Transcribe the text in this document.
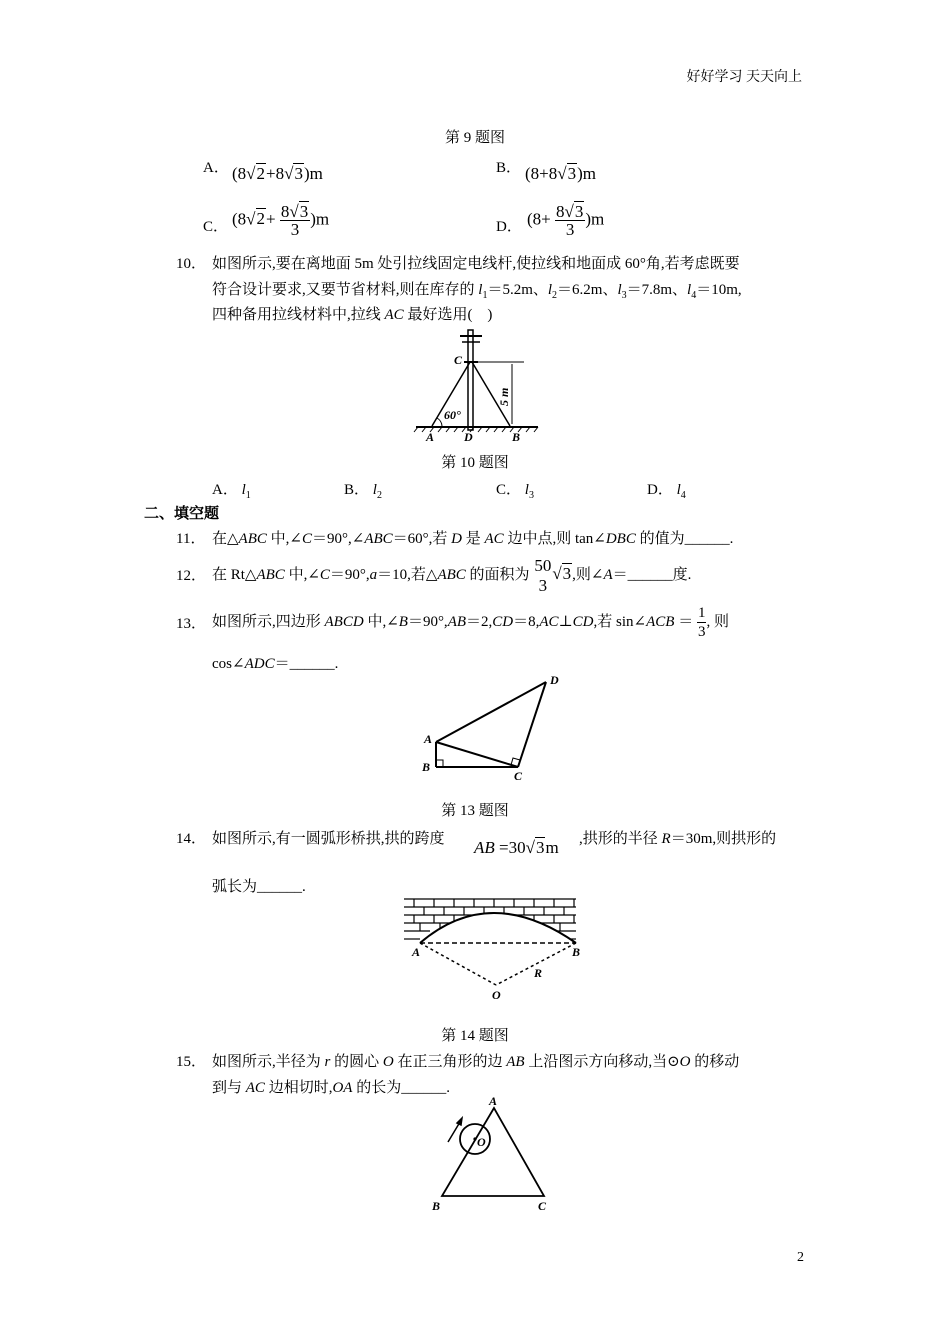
好好学习 天天向上
第 9 题图
A． (8√2+8√3)m	B． (8+8√3)m
C． $(8√2+ \frac{8√3}{3} )m$	D． $(8+ \frac{8√3}{3} )m$
10． 如图所示,要在离地面 5m 处引拉线固定电线杆,使拉线和地面成 60°角,若考虑既要
符合设计要求,又要节省材料,则在库存的 $l_1=5.2m$、$l_2=6.2m$、$l_3=7.8m$、$l_4=10m$,
四种备用拉线材料中,拉线 AC 最好选用(　)
C
60°
5 m
A D	B
第 10 题图
A． $l_1$	B． $l_2$	C． $l_3$	D． $l_4$
二、填空题
11． 在△ABC 中,∠C＝90°,∠ABC＝60°,若 D 是 AC 边中点,则 tan∠DBC 的值为______.
12． 在 Rt△ABC 中,∠C＝90°,a＝10,若△ABC 的面积为
50
3
√3,则∠A＝______度.
13． 如图所示,四边形 ABCD 中,∠B＝90°,AB＝2,CD＝8,AC⊥CD,若 sin∠ACB ＝ $\frac{1}{3}$ , 则
cos∠ADC＝______.
A
B
C
D
第 13 题图
14． 如图所示,有一圆弧形桥拱,拱的跨度 AB =30√3m ,拱形的半径 R＝30m,则拱形的
弧长为______.
A	B
R
O
第 14 题图
15． 如图所示,半径为 r 的圆心 O 在正三角形的边 AB 上沿图示方向移动,当⊙O 的移动
到与 AC 边相切时,OA 的长为______.
A
O
B	C
2
